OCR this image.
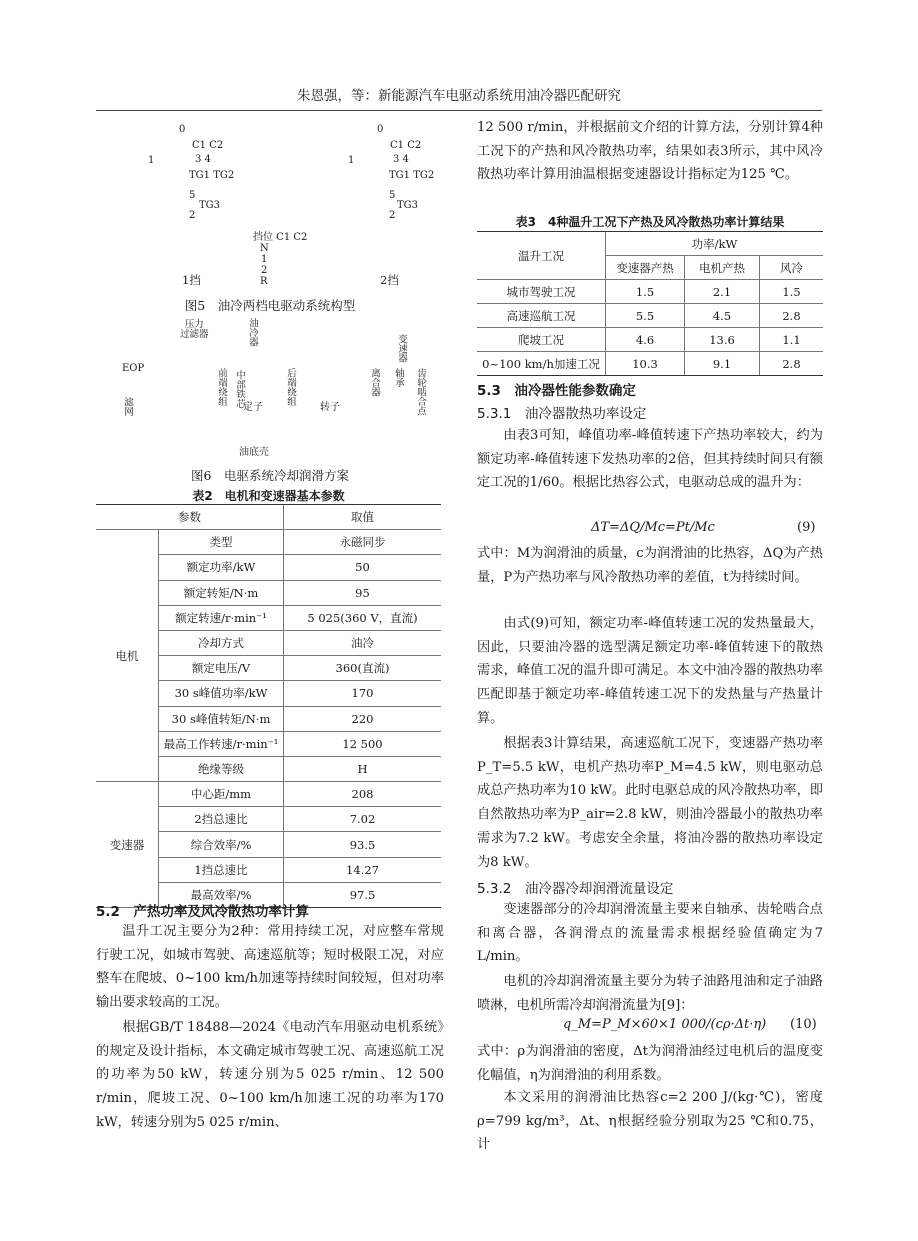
朱恩强，等：新能源汽车电驱动系统用油冷器匹配研究
0
1
C1 C2
3 4
TG1 TG2
5
TG3
2
0
1
C1 C2
3 4
TG1 TG2
5
TG3
2
挡位 C1 C2
N
1
2
R
1挡	2挡
图5　油冷两档电驱动系统构型
压力
过滤器	油冷器
变速器
EOP
滤网
前端绕组 中部铁芯
定子
后端绕组
转子
离合器 轴承 齿轮啮合点
油底壳
图6　电驱系统冷却润滑方案
表2　电机和变速器基本参数
参数		取值
电机	类型	永磁同步
	额定功率/kW	50
	额定转矩/N·m	95
	额定转速/r·min⁻¹	5 025(360 V，直流)
	冷却方式	油冷
	额定电压/V	360(直流)
	30 s峰值功率/kW	170
	30 s峰值转矩/N·m	220
	最高工作转速/r·min⁻¹	12 500
	绝缘等级	H
变速器	中心距/mm	208
	2挡总速比	7.02
	综合效率/%	93.5
	1挡总速比	14.27
	最高效率/%	97.5
5.2　产热功率及风冷散热功率计算
温升工况主要分为2种：常用持续工况，对应整车常规行驶工况，如城市驾驶、高速巡航等；短时极限工况，对应整车在爬坡、0~100 km/h加速等持续时间较短，但对功率输出要求较高的工况。
根据GB/T 18488—2024《电动汽车用驱动电机系统》的规定及设计指标，本文确定城市驾驶工况、高速巡航工况的功率为50 kW，转速分别为5 025 r/min、12 500 r/min，爬坡工况、0~100 km/h加速工况的功率为170 kW，转速分别为5 025 r/min、
12 500 r/min，并根据前文介绍的计算方法，分别计算4种工况下的产热和风冷散热功率，结果如表3所示，其中风冷散热功率计算用油温根据变速器设计指标定为125 ℃。
表3　4种温升工况下产热及风冷散热功率计算结果
温升工况	功率/kW		
	变速器产热	电机产热	风冷
城市驾驶工况	1.5	2.1	1.5
高速巡航工况	5.5	4.5	2.8
爬坡工况	4.6	13.6	1.1
0~100 km/h加速工况	10.3	9.1	2.8
5.3　油冷器性能参数确定
5.3.1　油冷器散热功率设定
由表3可知，峰值功率-峰值转速下产热功率较大，约为额定功率-峰值转速下发热功率的2倍，但其持续时间只有额定工况的1/60。根据比热容公式，电驱动总成的温升为：
ΔT=ΔQ/Mc=Pt/Mc	(9)
式中：M为润滑油的质量，c为润滑油的比热容，ΔQ为产热量，P为产热功率与风冷散热功率的差值，t为持续时间。
由式(9)可知，额定功率-峰值转速工况的发热量最大，因此，只要油冷器的选型满足额定功率-峰值转速下的散热需求，峰值工况的温升即可满足。本文中油冷器的散热功率匹配即基于额定功率-峰值转速工况下的发热量与产热量计算。
根据表3计算结果，高速巡航工况下，变速器产热功率P_T=5.5 kW，电机产热功率P_M=4.5 kW，则电驱动总成总产热功率为10 kW。此时电驱总成的风冷散热功率，即自然散热功率为P_air=2.8 kW，则油冷器最小的散热功率需求为7.2 kW。考虑安全余量，将油冷器的散热功率设定为8 kW。
5.3.2　油冷器冷却润滑流量设定
变速器部分的冷却润滑流量主要来自轴承、齿轮啮合点和离合器，各润滑点的流量需求根据经验值确定为7 L/min。
电机的冷却润滑流量主要分为转子油路甩油和定子油路喷淋，电机所需冷却润滑流量为[9]：
q_M=P_M×60×1 000/(cρ·Δt·η) (10)
式中：ρ为润滑油的密度，Δt为润滑油经过电机后的温度变化幅值，η为润滑油的利用系数。
本文采用的润滑油比热容c=2 200 J/(kg·℃)，密度ρ=799 kg/m³，Δt、η根据经验分别取为25 ℃和0.75，计
